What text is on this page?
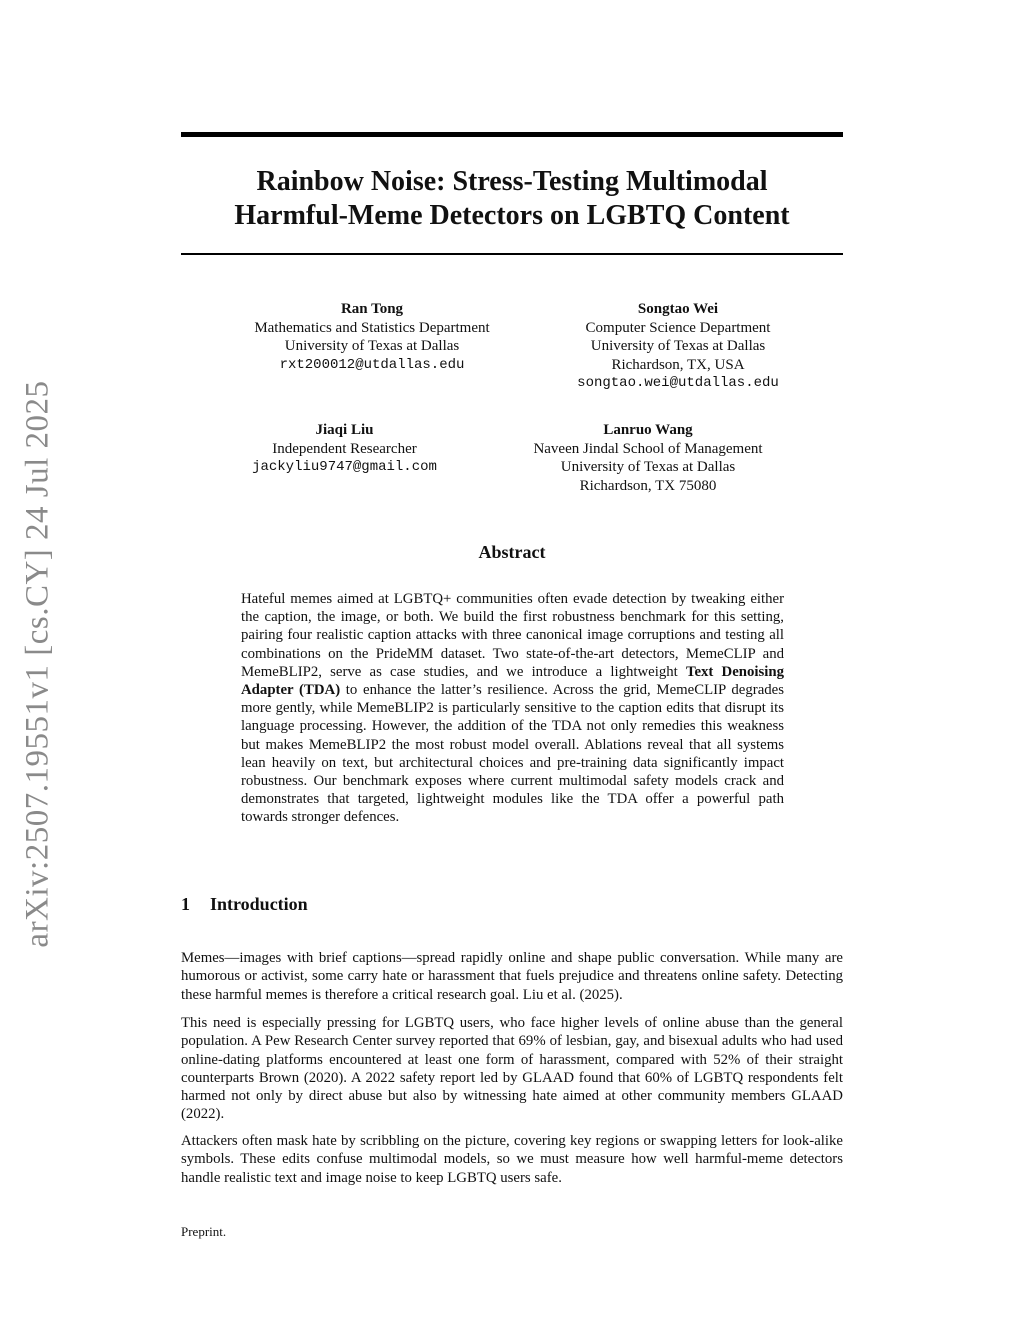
arXiv:2507.19551v1 [cs.CY] 24 Jul 2025
Rainbow Noise: Stress-Testing Multimodal
Harmful-Meme Detectors on LGBTQ Content
Ran Tong
Mathematics and Statistics Department
University of Texas at Dallas
rxt200012@utdallas.edu
Songtao Wei
Computer Science Department
University of Texas at Dallas
Richardson, TX, USA
songtao.wei@utdallas.edu
Jiaqi Liu
Independent Researcher
jackyliu9747@gmail.com
Lanruo Wang
Naveen Jindal School of Management
University of Texas at Dallas
Richardson, TX 75080
Abstract
Hateful memes aimed at LGBTQ+ communities often evade detection by tweaking either the caption, the image, or both. We build the first robustness benchmark for this setting, pairing four realistic caption attacks with three canonical image corruptions and testing all combinations on the PrideMM dataset. Two state-of-the-art detectors, MemeCLIP and MemeBLIP2, serve as case studies, and we introduce a lightweight Text Denoising Adapter (TDA) to enhance the latter’s resilience. Across the grid, MemeCLIP degrades more gently, while MemeBLIP2 is particularly sensitive to the caption edits that disrupt its language processing. However, the addition of the TDA not only remedies this weakness but makes MemeBLIP2 the most robust model overall. Ablations reveal that all systems lean heavily on text, but architectural choices and pre-training data significantly impact robustness. Our benchmark exposes where current multimodal safety models crack and demonstrates that targeted, lightweight modules like the TDA offer a powerful path towards stronger defences.
1 Introduction

Memes—images with brief captions—spread rapidly online and shape public conversation. While many are humorous or activist, some carry hate or harassment that fuels prejudice and threatens online safety. Detecting these harmful memes is therefore a critical research goal. Liu et al. (2025).

This need is especially pressing for LGBTQ users, who face higher levels of online abuse than the general population. A Pew Research Center survey reported that 69% of lesbian, gay, and bisexual adults who had used online-dating platforms encountered at least one form of harassment, compared with 52% of their straight counterparts Brown (2020). A 2022 safety report led by GLAAD found that 60% of LGBTQ respondents felt harmed not only by direct abuse but also by witnessing hate aimed at other community members GLAAD (2022).

Attackers often mask hate by scribbling on the picture, covering key regions or swapping letters for look-alike symbols. These edits confuse multimodal models, so we must measure how well harmful-meme detectors handle realistic text and image noise to keep LGBTQ users safe.

Preprint.
